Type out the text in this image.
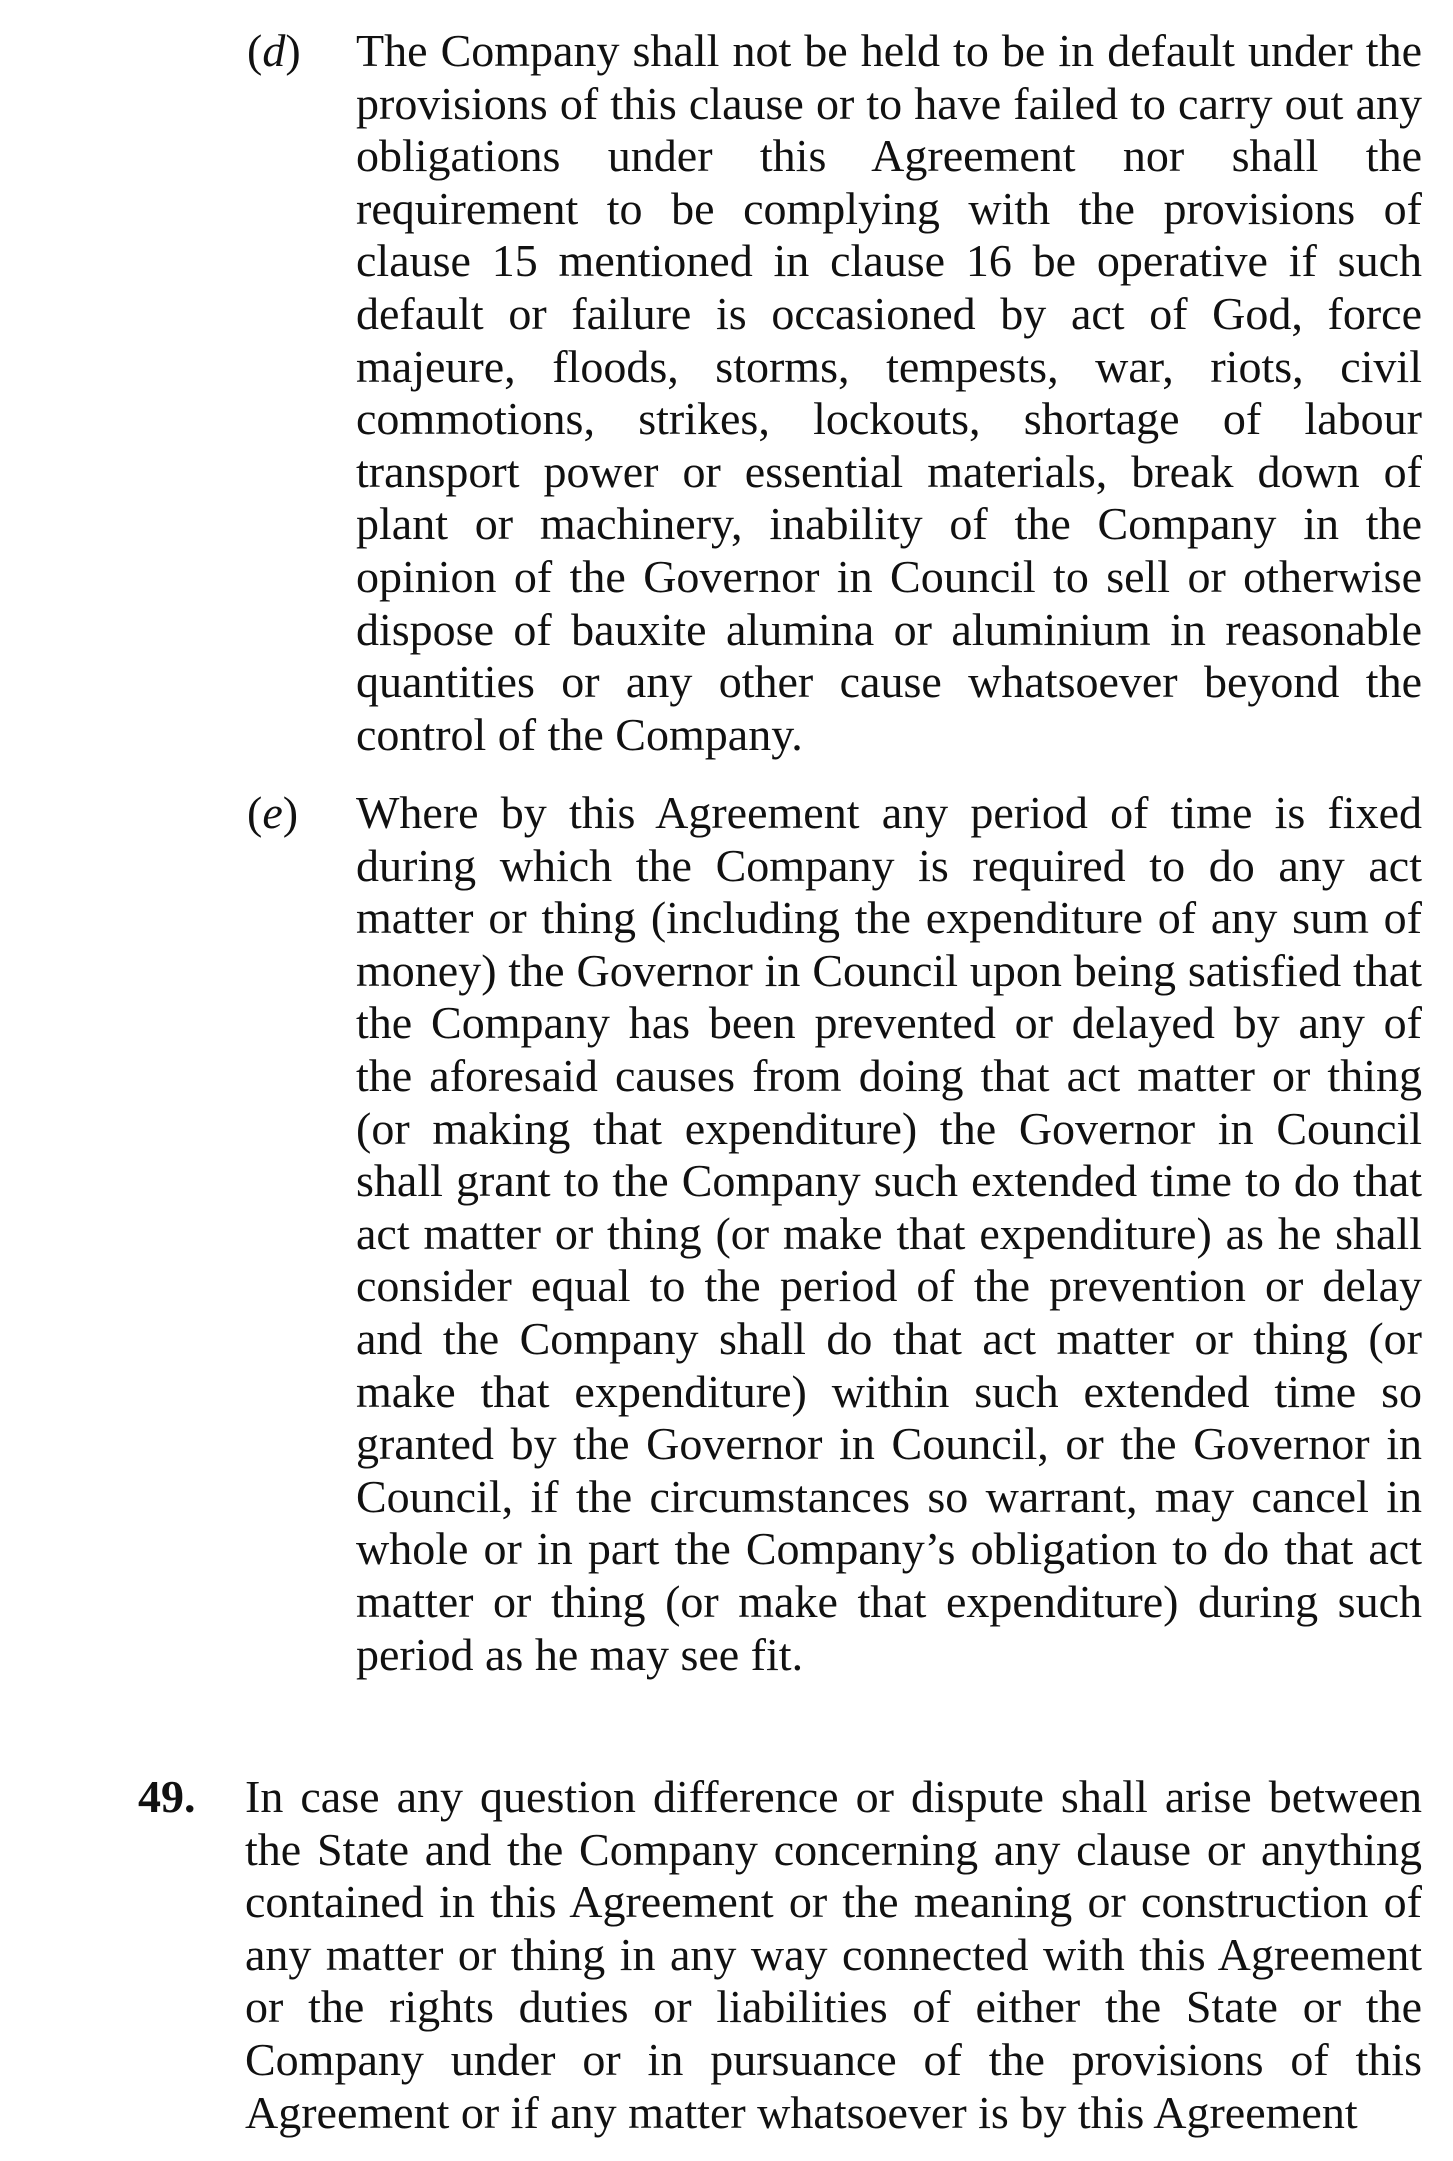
(d) The Company shall not be held to be in default under the provisions of this clause or to have failed to carry out any obligations under this Agreement nor shall the requirement to be complying with the provisions of clause 15 mentioned in clause 16 be operative if such default or failure is occasioned by act of God, force majeure, floods, storms, tempests, war, riots, civil commotions, strikes, lockouts, shortage of labour transport power or essential materials, break down of plant or machinery, inability of the Company in the opinion of the Governor in Council to sell or otherwise dispose of bauxite alumina or aluminium in reasonable quantities or any other cause whatsoever beyond the control of the Company.
(e) Where by this Agreement any period of time is fixed during which the Company is required to do any act matter or thing (including the expenditure of any sum of money) the Governor in Council upon being satisfied that the Company has been prevented or delayed by any of the aforesaid causes from doing that act matter or thing (or making that expenditure) the Governor in Council shall grant to the Company such extended time to do that act matter or thing (or make that expenditure) as he shall consider equal to the period of the prevention or delay and the Company shall do that act matter or thing (or make that expenditure) within such extended time so granted by the Governor in Council, or the Governor in Council, if the circumstances so warrant, may cancel in whole or in part the Company’s obligation to do that act matter or thing (or make that expenditure) during such period as he may see fit.
49. In case any question difference or dispute shall arise between the State and the Company concerning any clause or anything contained in this Agreement or the meaning or construction of any matter or thing in any way connected with this Agreement or the rights duties or liabilities of either the State or the Company under or in pursuance of the provisions of this Agreement or if any matter whatsoever is by this Agreement
